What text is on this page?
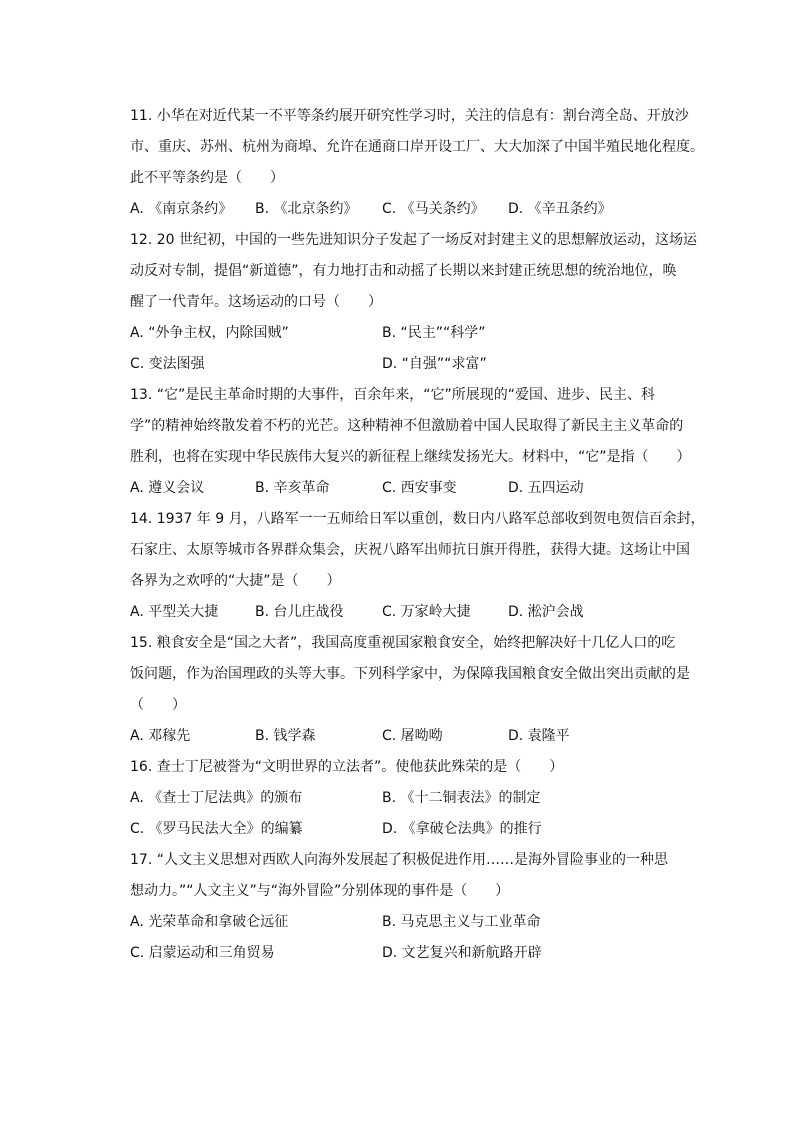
11. 小华在对近代某一不平等条约展开研究性学习时，关注的信息有：割台湾全岛、开放沙
市、重庆、苏州、杭州为商埠、允许在通商口岸开设工厂、大大加深了中国半殖民地化程度。
此不平等条约是（　　）
A. 《南京条约》 B. 《北京条约》 C. 《马关条约》 D. 《辛丑条约》
12. 20 世纪初，中国的一些先进知识分子发起了一场反对封建主义的思想解放运动，这场运
动反对专制，提倡“新道德”，有力地打击和动摇了长期以来封建正统思想的统治地位，唤
醒了一代青年。这场运动的口号（　　）
A. “外争主权，内除国贼”	B. “民主”“科学”
C. 变法图强	D. “自强”“求富”
13. “它”是民主革命时期的大事件，百余年来，“它”所展现的“爱国、进步、民主、科
学”的精神始终散发着不朽的光芒。这种精神不但激励着中国人民取得了新民主主义革命的
胜利，也将在实现中华民族伟大复兴的新征程上继续发扬光大。材料中，“它”是指（　　）
A. 遵义会议	B. 辛亥革命	C. 西安事变	D. 五四运动
14. 1937 年 9 月，八路军一一五师给日军以重创，数日内八路军总部收到贺电贺信百余封，
石家庄、太原等城市各界群众集会，庆祝八路军出师抗日旗开得胜，获得大捷。这场让中国
各界为之欢呼的“大捷”是（　　）
A. 平型关大捷	B. 台儿庄战役	C. 万家岭大捷	D. 淞沪会战
15. 粮食安全是“国之大者”，我国高度重视国家粮食安全，始终把解决好十几亿人口的吃
饭问题，作为治国理政的头等大事。下列科学家中，为保障我国粮食安全做出突出贡献的是
（　　）
A. 邓稼先	B. 钱学森	C. 屠呦呦	D. 袁隆平
16. 查士丁尼被誉为“文明世界的立法者”。使他获此殊荣的是（　　）
A. 《查士丁尼法典》的颁布	B. 《十二铜表法》的制定
C. 《罗马民法大全》的编纂	D. 《拿破仑法典》的推行
17. “人文主义思想对西欧人向海外发展起了积极促进作用……是海外冒险事业的一种思
想动力。”“人文主义”与“海外冒险”分别体现的事件是（　　）
A. 光荣革命和拿破仑远征	B. 马克思主义与工业革命
C. 启蒙运动和三角贸易	D. 文艺复兴和新航路开辟
